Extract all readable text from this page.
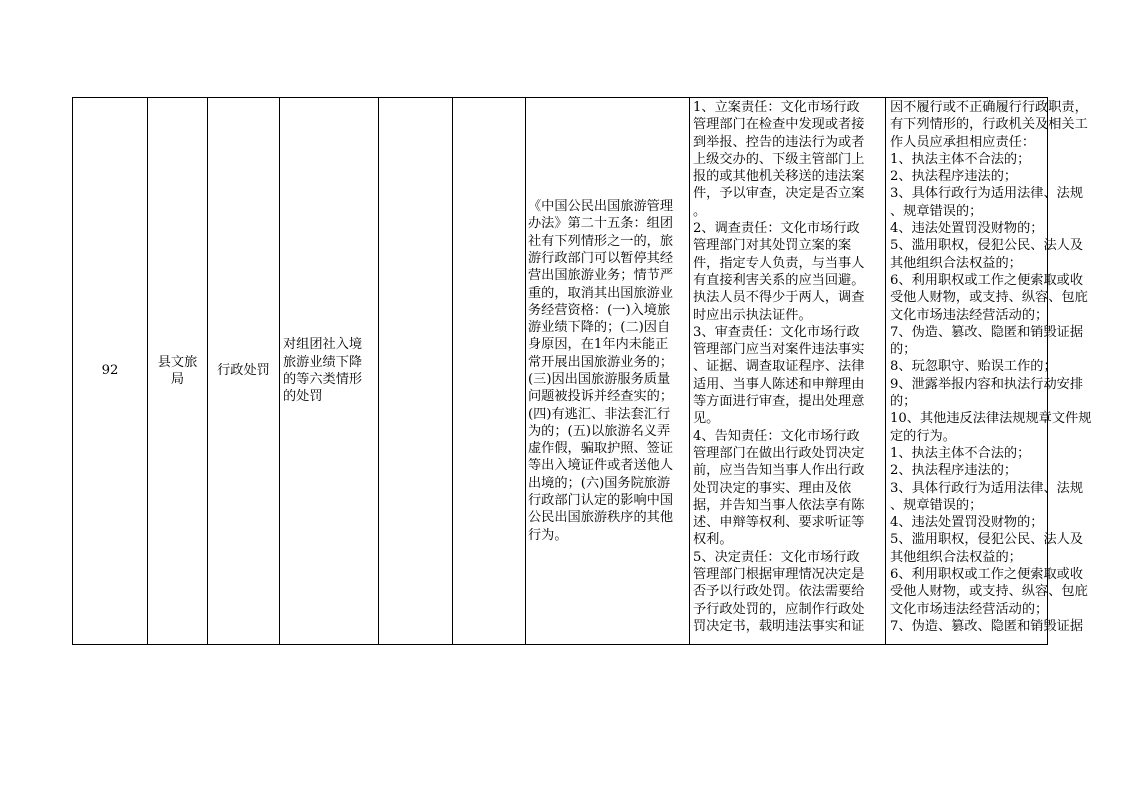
92
县文旅
局
行政处罚
对组团社入境
旅游业绩下降
的等六类情形
的处罚
《中国公民出国旅游管理
办法》第二十五条：组团
社有下列情形之一的，旅
游行政部门可以暂停其经
营出国旅游业务；情节严
重的，取消其出国旅游业
务经营资格：(一)入境旅
游业绩下降的；(二)因自
身原因，在1年内未能正
常开展出国旅游业务的；
(三)因出国旅游服务质量
问题被投诉并经查实的；
(四)有逃汇、非法套汇行
为的；(五)以旅游名义弄
虚作假，骗取护照、签证
等出入境证件或者送他人
出境的；(六)国务院旅游
行政部门认定的影响中国
公民出国旅游秩序的其他
行为。
1、立案责任：文化市场行政
管理部门在检查中发现或者接
到举报、控告的违法行为或者
上级交办的、下级主管部门上
报的或其他机关移送的违法案
件，予以审查，决定是否立案
。
2、调查责任：文化市场行政
管理部门对其处罚立案的案
件，指定专人负责，与当事人
有直接利害关系的应当回避。
执法人员不得少于两人，调查
时应出示执法证件。
3、审查责任：文化市场行政
管理部门应当对案件违法事实
、证据、调查取证程序、法律
适用、当事人陈述和申辩理由
等方面进行审查，提出处理意
见。
4、告知责任：文化市场行政
管理部门在做出行政处罚决定
前，应当告知当事人作出行政
处罚决定的事实、理由及依
据，并告知当事人依法享有陈
述、申辩等权利、要求听证等
权利。
5、决定责任：文化市场行政
管理部门根据审理情况决定是
否予以行政处罚。依法需要给
予行政处罚的，应制作行政处
罚决定书，载明违法事实和证
因不履行或不正确履行行政职责，
有下列情形的，行政机关及相关工
作人员应承担相应责任：
1、执法主体不合法的；
2、执法程序违法的；
3、具体行政行为适用法律、法规
、规章错误的；
4、违法处置罚没财物的；
5、滥用职权，侵犯公民、法人及
其他组织合法权益的；
6、利用职权或工作之便索取或收
受他人财物，或支持、纵容、包庇
文化市场违法经营活动的；
7、伪造、篡改、隐匿和销毁证据
的；
8、玩忽职守、贻误工作的；
9、泄露举报内容和执法行动安排
的；
10、其他违反法律法规规章文件规
定的行为。
1、执法主体不合法的；
2、执法程序违法的；
3、具体行政行为适用法律、法规
、规章错误的；
4、违法处置罚没财物的；
5、滥用职权，侵犯公民、法人及
其他组织合法权益的；
6、利用职权或工作之便索取或收
受他人财物，或支持、纵容、包庇
文化市场违法经营活动的；
7、伪造、篡改、隐匿和销毁证据
